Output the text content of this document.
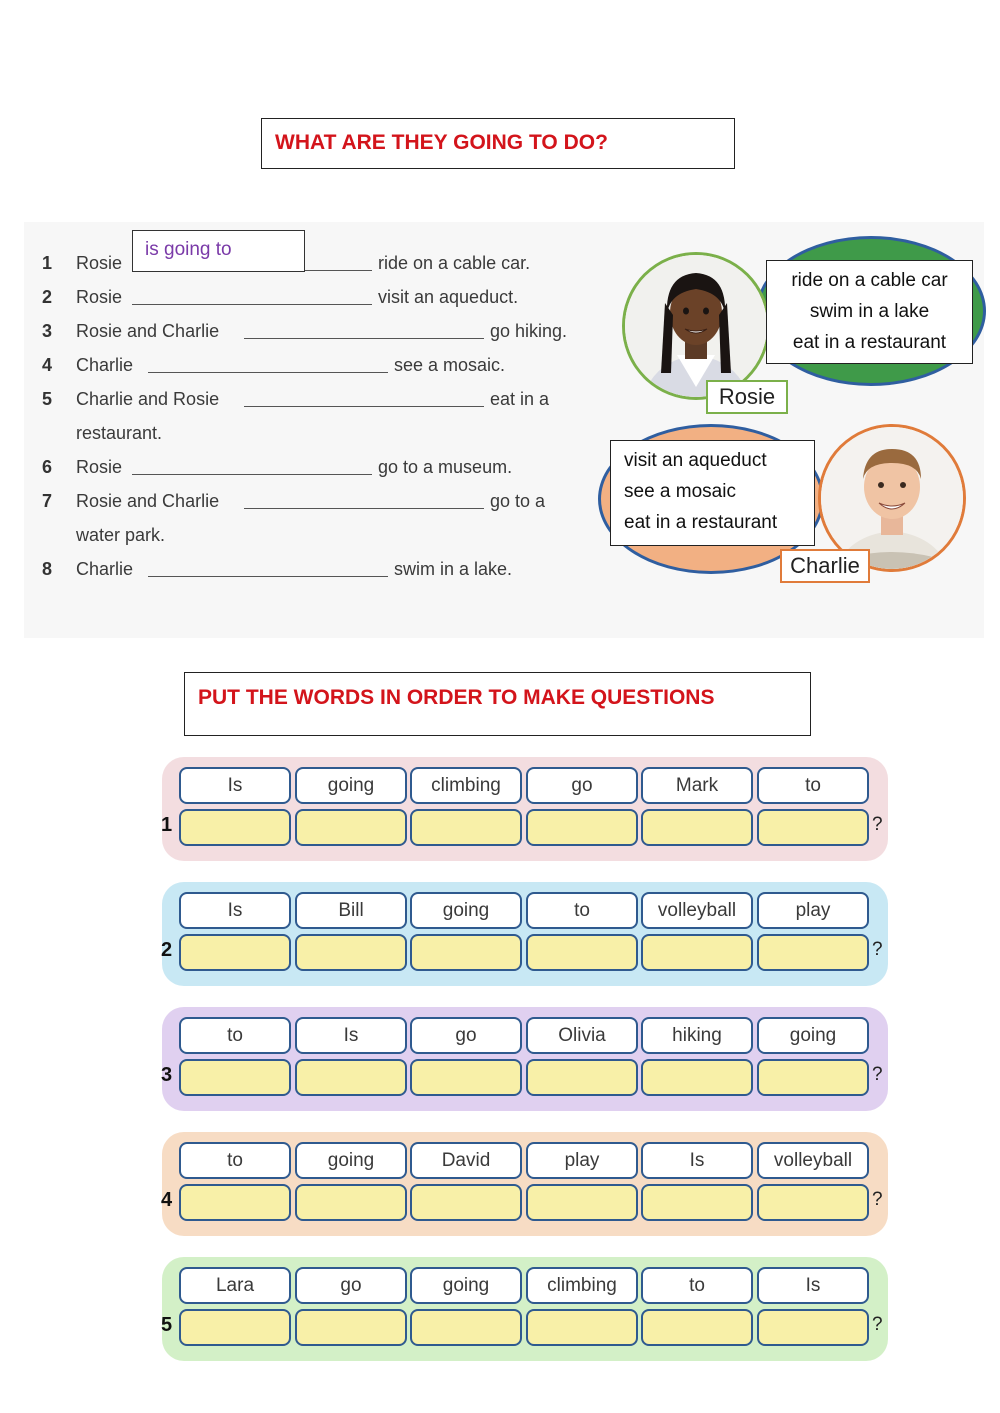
WHAT ARE THEY GOING TO DO?
1 Rosie	ride on a cable car.
2 Rosie	visit an aqueduct.
3 Rosie and Charlie	go hiking.
4 Charlie	see a mosaic.
5 Charlie and Rosie	eat in a
restaurant.
6 Rosie	go to a museum.
7 Rosie and Charlie	go to a
water park.
8 Charlie	swim in a lake.
is going to
Rosie
ride on a cable car
swim in a lake
eat in a restaurant
Charlie
visit an aqueduct
see a mosaic
eat in a restaurant
PUT THE WORDS IN ORDER TO MAKE QUESTIONS
Is	going	climbing	go	Mark	to
1	?
Is	Bill	going	to	volleyball	play
2	?
to	Is	go	Olivia	hiking	going
3	?
to	going	David	play	Is	volleyball
4	?
Lara	go	going	climbing	to	Is
5	?
